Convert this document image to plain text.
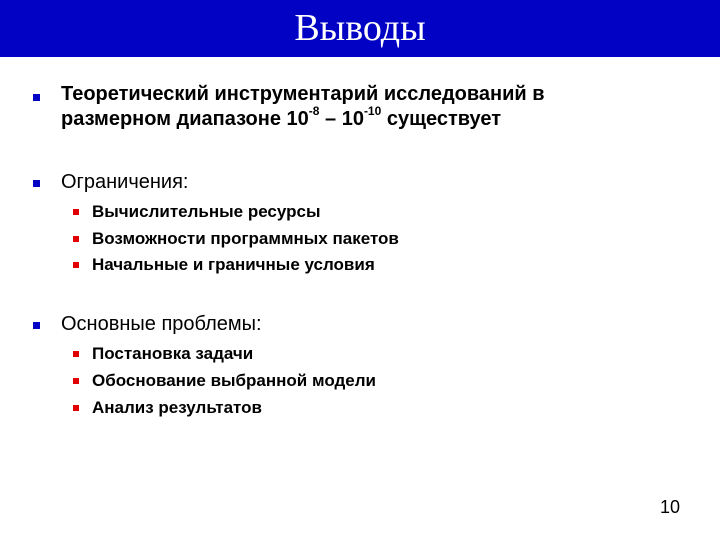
Выводы
Теоретический инструментарий исследований в
размерном диапазоне $10^{-8} - 10^{-10}$ существует
Ограничения:
Вычислительные ресурсы
Возможности программных пакетов
Начальные и граничные условия
Основные проблемы:
Постановка задачи
Обоснование выбранной модели
Анализ результатов
10
